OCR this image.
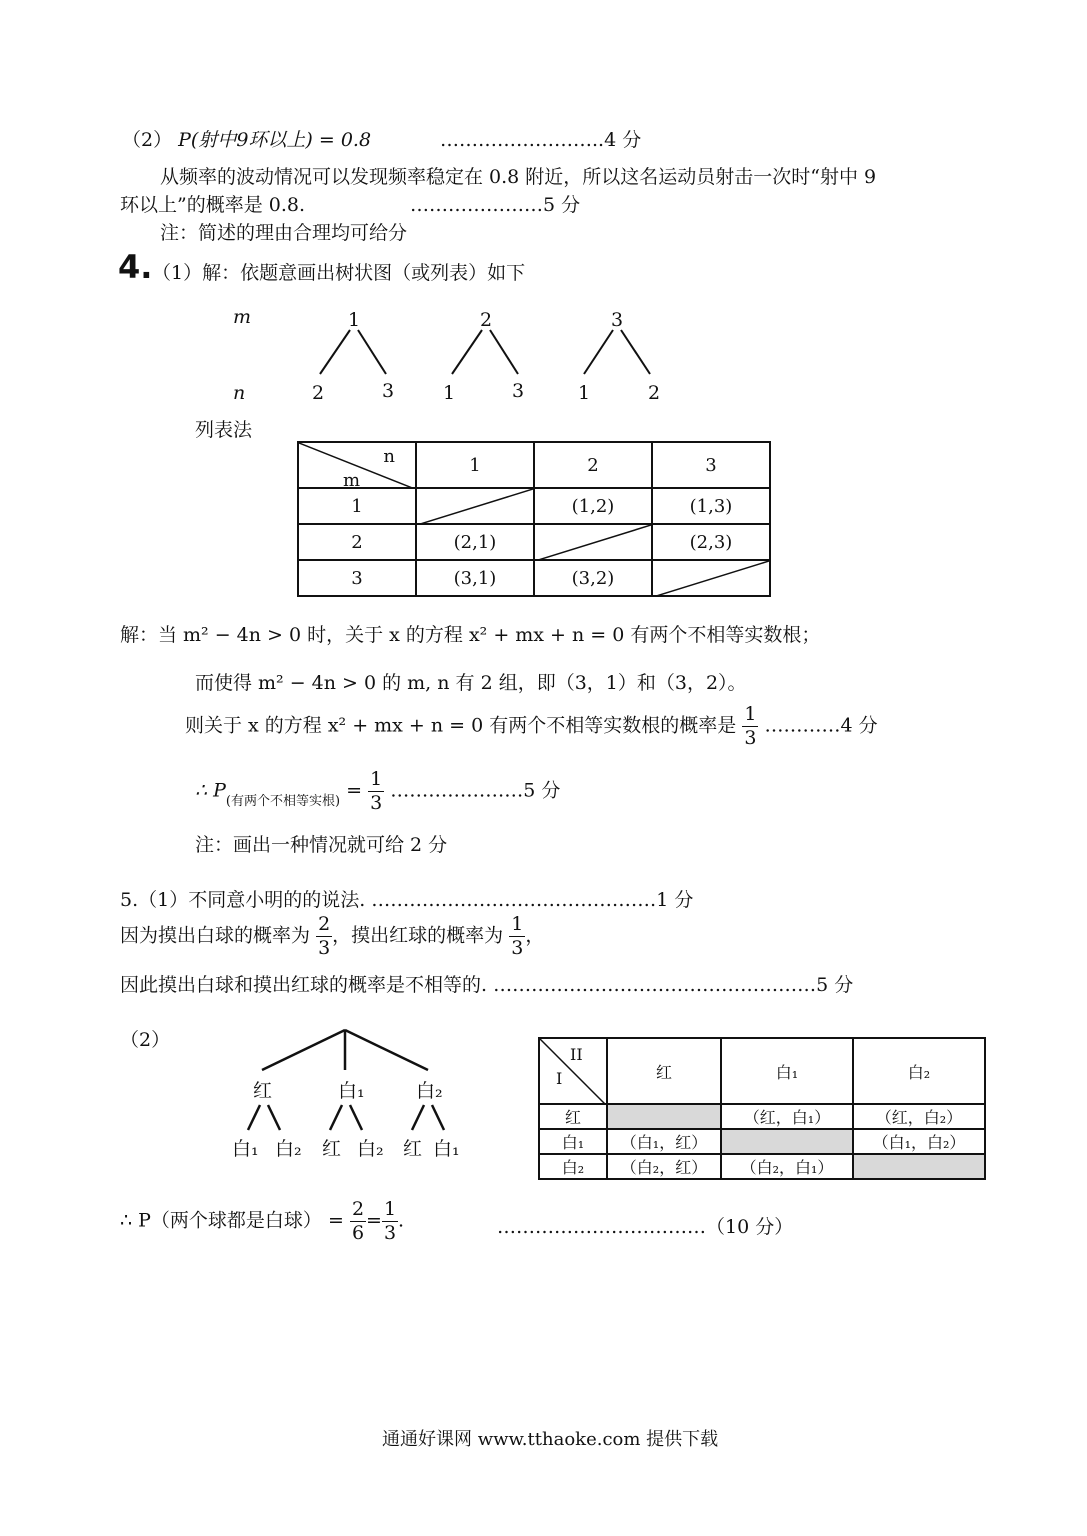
（2） P(射中9环以上) = 0.8	……………………..4 分
从频率的波动情况可以发现频率稳定在 0.8 附近，所以这名运动员射击一次时“射中 9
环以上”的概率是 0.8.	…………………5 分
注：简述的理由合理均可给分
4. （1）解：依题意画出树状图（或列表）如下
m
n
1	2	3
2	3	1	3	1	2
列表法
n
m	1	2	3
1		(1,2)	(1,3)
2	(2,1)		(2,3)
3	(3,1)	(3,2)	
解：当 m² − 4n > 0 时，关于 x 的方程 x² + mx + n = 0 有两个不相等实数根；
而使得 m² − 4n > 0 的 m, n 有 2 组，即（3，1）和（3，2）。
则关于 x 的方程 x² + mx + n = 0 有两个不相等实数根的概率是 $\frac{1}{3}$ …………4 分
∴ $P_{(有两个不相等实根)} = \frac{1}{3}$ …………………5 分
注：画出一种情况就可给 2 分
5.（1）不同意小明的的说法. ………………………………………1 分
因为摸出白球的概率为 $\frac{2}{3}$ ，摸出红球的概率为 $\frac{1}{3}$ ，
因此摸出白球和摸出红球的概率是不相等的. ……………………………………………5 分
（2）
红	白₁	白₂
白₁ 白₂ 红 白₂ 红 白₁
II
I	红	白₁	白₂
红		（红，白₁）	（红，白₂）
白₁	（白₁，红）		（白₁，白₂）
白₂	（白₂，红）	（白₂，白₁）	
∴ P（两个球都是白球） = $\frac{2}{6} = \frac{1}{3}$ .	……………………………（10 分）
通通好课网 www.tthaoke.com 提供下载
